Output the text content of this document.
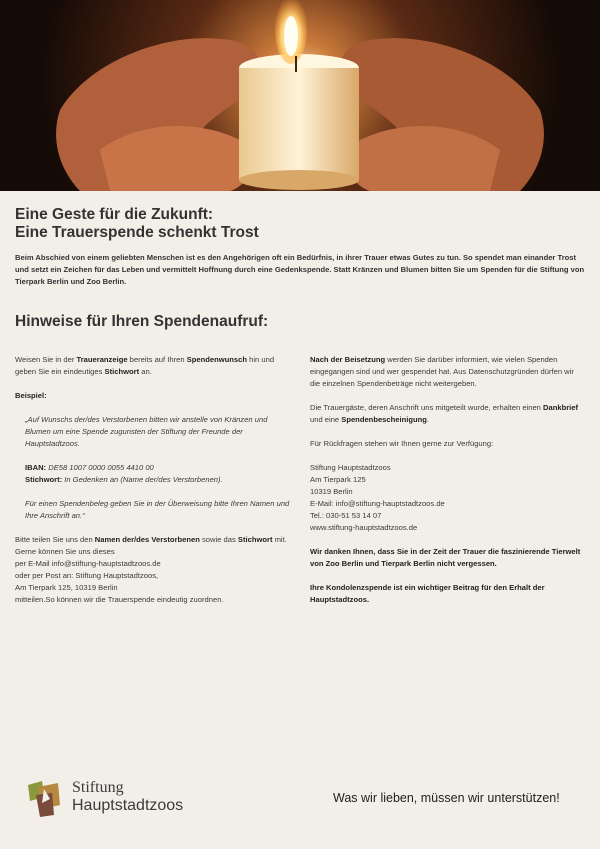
Eine Geste für die Zukunft:
Eine Trauerspende schenkt Trost

Beim Abschied von einem geliebten Menschen ist es den Angehörigen oft ein Bedürfnis, in ihrer Trauer etwas Gutes zu tun. So spendet man einander Trost und setzt ein Zeichen für das Leben und vermittelt Hoffnung durch eine Gedenkspende. Statt Kränzen und Blumen bitten Sie um Spenden für die Stiftung von Tierpark Berlin und Zoo Berlin.

Hinweise für Ihren Spendenaufruf:

Weisen Sie in der Traueranzeige bereits auf Ihren Spendenwunsch hin und geben Sie ein eindeutiges Stichwort an.

Beispiel:

„Auf Wunschs der/des Verstorbenen bitten wir anstelle von Kränzen und Blumen um eine Spende zugunsten der Stiftung der Freunde der Hauptstadtzoos.

IBAN: DE58 1007 0000 0055 4410 00
Stichwort: In Gedenken an (Name der/des Verstorbenen).

Für einen Spendenbeleg geben Sie in der Überweisung bitte Ihren Namen und Ihre Anschrift an.“

Bitte teilen Sie uns den Namen der/des Verstorbenen sowie das Stichwort mit. Gerne können Sie uns dieses
per E-Mail info@stiftung-hauptstadtzoos.de
oder per Post an: Stiftung Hauptstadtzoos,
Am Tierpark 125, 10319 Berlin
mitteilen.So können wir die Trauerspende eindeutig zuordnen.

Nach der Beisetzung werden Sie darüber informiert, wie vielen Spenden eingegangen sind und wer gespendet hat. Aus Datenschutzgründen dürfen wir die einzelnen Spendenbeträge nicht weitergeben.

Die Trauergäste, deren Anschrift uns mitgeteilt wurde, erhalten einen Dankbrief und eine Spendenbescheinigung.

Für Rückfragen stehen wir Ihnen gerne zur Verfügung:

Stiftung Hauptstadtzoos
Am Tierpark 125
10319 Berlin
E-Mail: info@stiftung-hauptstadtzoos.de
Tel.: 030-51 53 14 07
www.stiftung-hauptstadtzoos.de

Wir danken Ihnen, dass Sie in der Zeit der Trauer die faszinierende Tierwelt von Zoo Berlin und Tierpark Berlin nicht vergessen.

Ihre Kondolenzspende ist ein wichtiger Beitrag für den Erhalt der Hauptstadtzoos.

Stiftung
Hauptstadtzoos	Was wir lieben, müssen wir unterstützen!
